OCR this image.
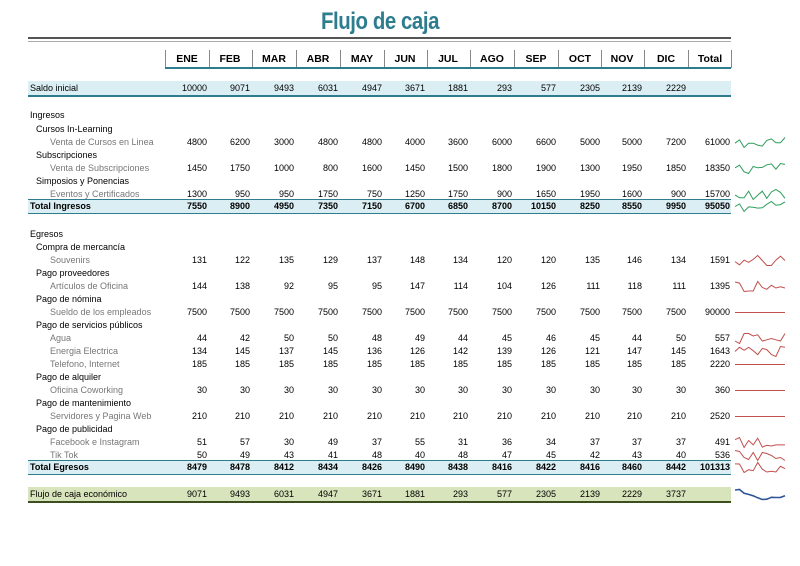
Flujo de caja
ENE	FEB	MAR	ABR	MAY	JUN	JUL	AGO	SEP	OCT	NOV	DIC	Total
Saldo inicial	10000	9071	9493	6031	4947	3671	1881	293	577	2305	2139	2229
Ingresos
Cursos In-Learning
Venta de Cursos en Linea	4800	6200	3000	4800	4800	4000	3600	6000	6600	5000	5000	7200	61000
Subscripciones
Venta de Subscripciones	1450	1750	1000	800	1600	1450	1500	1800	1900	1300	1950	1850	18350
Simposios y Ponencias
Eventos y Certificados	1300	950	950	1750	750	1250	1750	900	1650	1950	1600	900	15700
Total Ingresos	7550	8900	4950	7350	7150	6700	6850	8700	10150	8250	8550	9950	95050
Egresos
Compra de mercancía
Souvenirs	131	122	135	129	137	148	134	120	120	135	146	134	1591
Pago proveedores
Artículos de Oficina	144	138	92	95	95	147	114	104	126	111	118	111	1395
Pago de nómina
Sueldo de los empleados	7500	7500	7500	7500	7500	7500	7500	7500	7500	7500	7500	7500	90000
Pago de servicios públicos
Agua	44	42	50	50	48	49	44	45	46	45	44	50	557
Energia Electrica	134	145	137	145	136	126	142	139	126	121	147	145	1643
Telefono, Internet	185	185	185	185	185	185	185	185	185	185	185	185	2220
Pago de alquiler
Oficina Coworking	30	30	30	30	30	30	30	30	30	30	30	30	360
Pago de mantenimiento
Servidores y Pagina Web	210	210	210	210	210	210	210	210	210	210	210	210	2520
Pago de publicidad
Facebook e Instagram	51	57	30	49	37	55	31	36	34	37	37	37	491
Tik Tok	50	49	43	41	48	40	48	47	45	42	43	40	536
Total Egresos	8479	8478	8412	8434	8426	8490	8438	8416	8422	8416	8460	8442	101313
Flujo de caja económico	9071	9493	6031	4947	3671	1881	293	577	2305	2139	2229	3737
